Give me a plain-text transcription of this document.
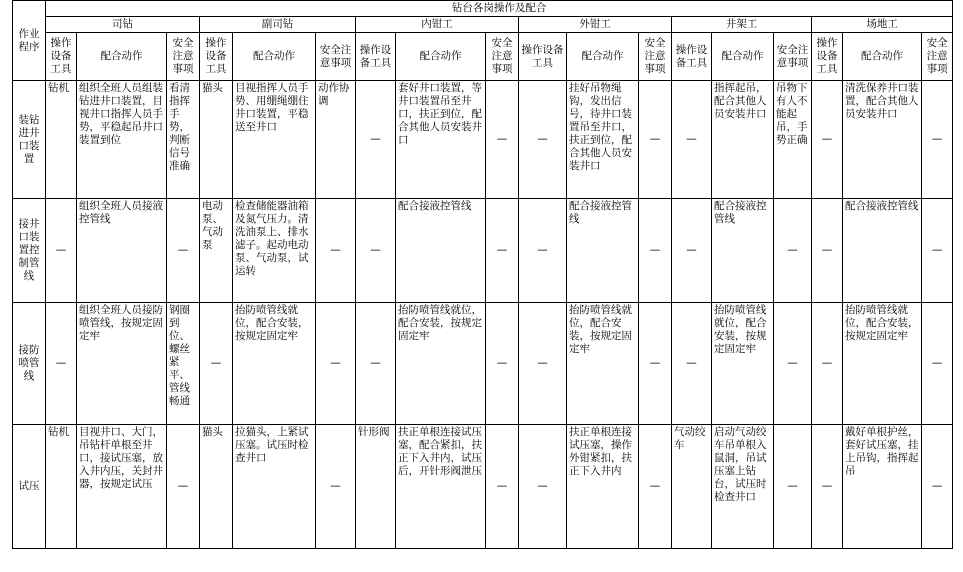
作业程序	钻台各岗操作及配合																	
	司钻			副司钻			内钳工			外钳工			井架工			场地工		
	操作设备工具	配合动作	安全注意事项	操作设备工具	配合动作	安全注意事项	操作设备工具	配合动作	安全注意事项	操作设备工具	配合动作	安全注意事项	操作设备工具	配合动作	安全注意事项	操作设备工具	配合动作	安全注意事项
装钻进井口装置	钻机	组织全班人员组装钻进井口装置，目视井口指挥人员手势，平稳起吊井口装置到位	看清指挥手势，判断信号准确	猫头	目视指挥人员手势、用绷绳绷住井口装置，平稳送至井口	动作协调	—	套好井口装置，等井口装置吊至井口，扶正到位，配合其他人员安装井口	—	—	挂好吊物绳钩，发出信号，待井口装置吊至井口，扶正到位，配合其他人员安装井口	—	—	指挥起吊，配合其他人员安装井口	吊物下有人不能起吊，手势正确	—	清洗保养井口装置，配合其他人员安装井口	—
接井口装置控制管线	—	组织全班人员接液控管线	—	电动泵、气动泵	检查储能器油箱及氮气压力。清洗油泵上、排水滤子。起动电动泵、气动泵，试运转	—	—	配合接液控管线	—	—	配合接液控管线	—	—	配合接液控管线	—	—	配合接液控管线	—
接防喷管线	—	组织全班人员接防喷管线，按规定固定牢	钢圈到位、螺丝紧平、管线畅通	—	抬防喷管线就位，配合安装，按规定固定牢	—	—	抬防喷管线就位，配合安装，按规定固定牢	—	—	抬防喷管线就位，配合安装，按规定固定牢	—	—	抬防喷管线就位，配合安装，按规定固定牢	—	—	抬防喷管线就位，配合安装，按规定固定牢	—
试压	钻机	目视井口、大门，吊钻杆单根至井口，接试压塞，放入井内压，关封井器，按规定试压	—	猫头	拉猫头，上紧试压塞。试压时检查井口	—	针形阀	扶正单根连接试压塞，配合紧扣，扶正下入井内，试压后，开针形阀泄压	—	—	扶正单根连接试压塞，操作外钳紧扣，扶正下入井内	—	气动绞车	启动气动绞车吊单根入鼠洞，吊试压塞上钻台，试压时检查井口	—	—	戴好单根护丝，套好试压塞，挂上吊钩，指挥起吊	—
